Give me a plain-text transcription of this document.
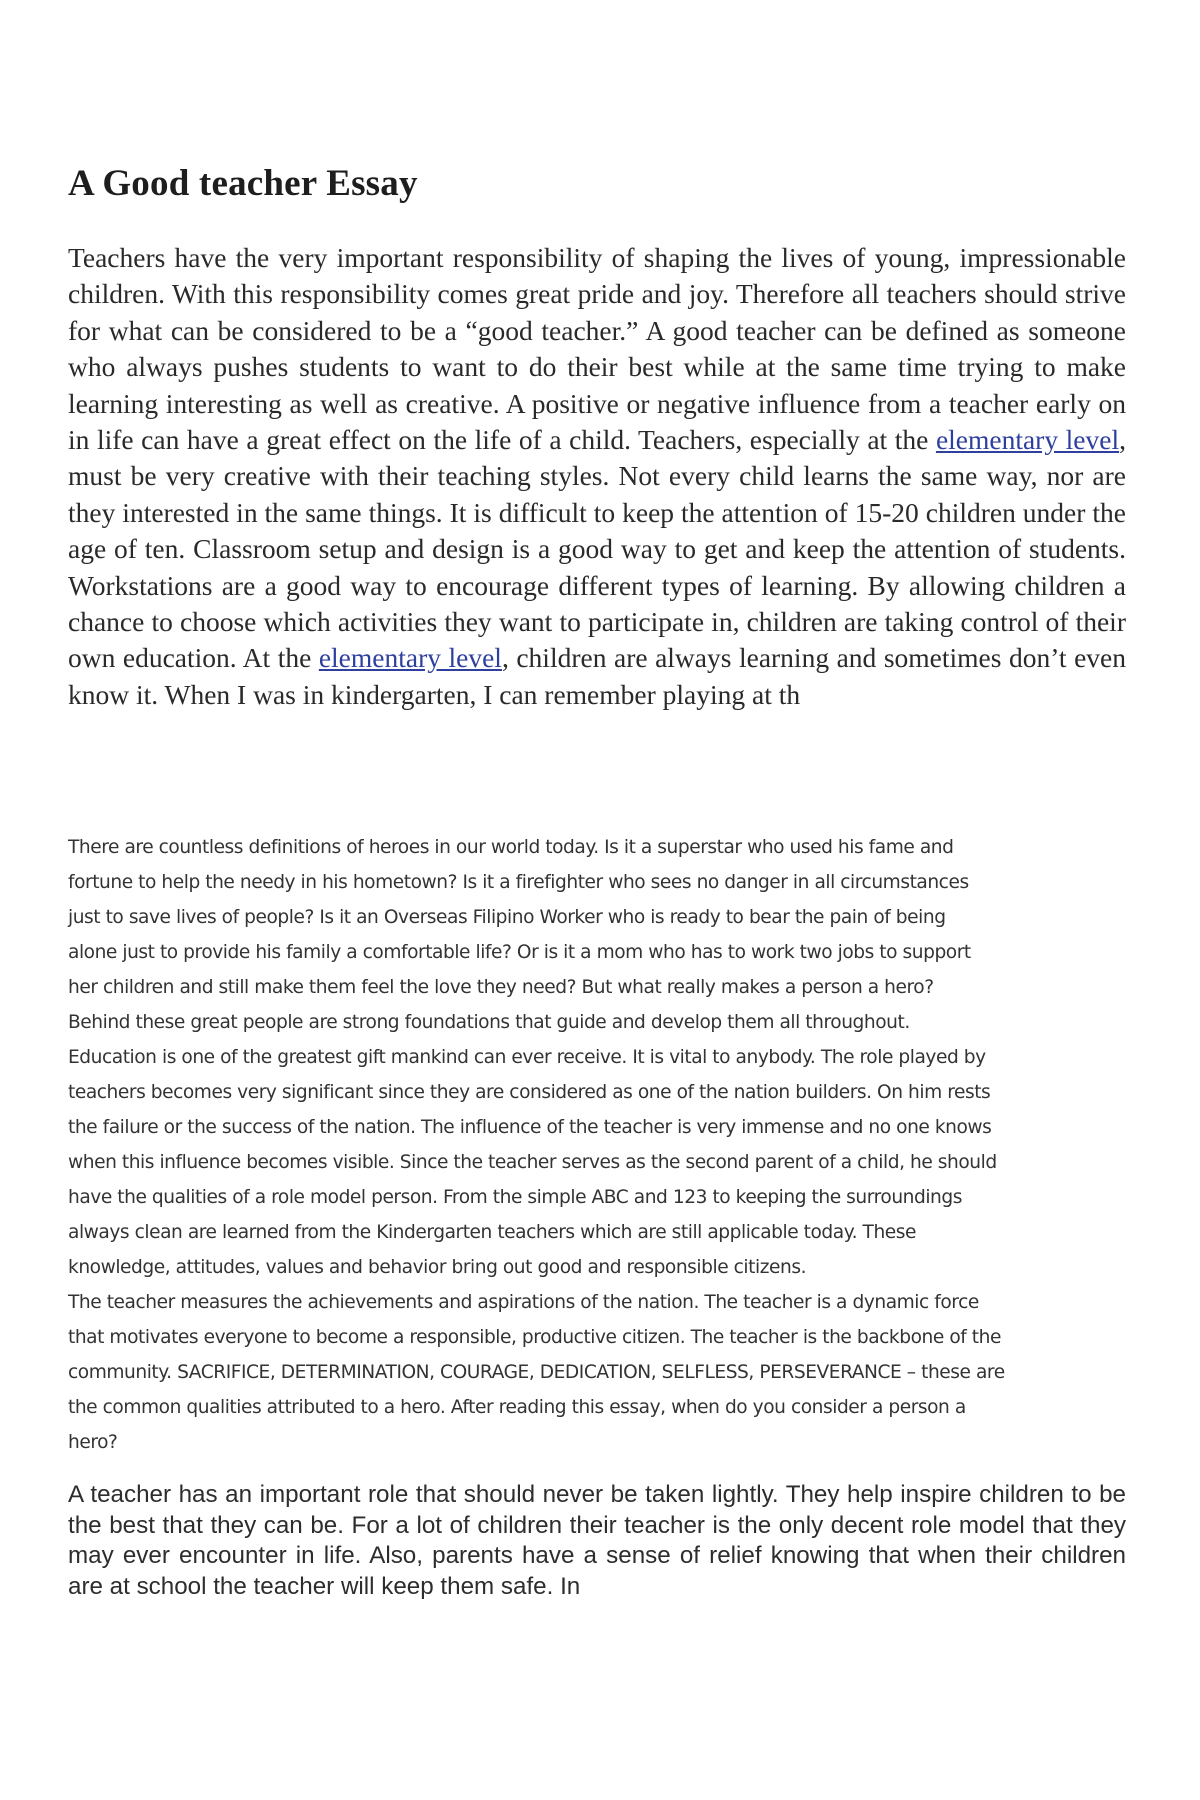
A Good teacher Essay

Teachers have the very important responsibility of shaping the lives of young, impressionable children. With this responsibility comes great pride and joy. Therefore all teachers should strive for what can be considered to be a “good teacher.” A good teacher can be defined as someone who always pushes students to want to do their best while at the same time trying to make learning interesting as well as creative. A positive or negative influence from a teacher early on in life can have a great effect on the life of a child. Teachers, especially at the elementary level, must be very creative with their teaching styles. Not every child learns the same way, nor are they interested in the same things. It is difficult to keep the attention of 15-20 children under the age of ten. Classroom setup and design is a good way to get and keep the attention of students. Workstations are a good way to encourage different types of learning. By allowing children a chance to choose which activities they want to participate in, children are taking control of their own education. At the elementary level, children are always learning and sometimes don’t even know it. When I was in kindergarten, I can remember playing at th

There are countless definitions of heroes in our world today. Is it a superstar who used his fame and
fortune to help the needy in his hometown? Is it a firefighter who sees no danger in all circumstances
just to save lives of people? Is it an Overseas Filipino Worker who is ready to bear the pain of being
alone just to provide his family a comfortable life? Or is it a mom who has to work two jobs to support
her children and still make them feel the love they need? But what really makes a person a hero?
Behind these great people are strong foundations that guide and develop them all throughout.
Education is one of the greatest gift mankind can ever receive. It is vital to anybody. The role played by
teachers becomes very significant since they are considered as one of the nation builders. On him rests
the failure or the success of the nation. The influence of the teacher is very immense and no one knows
when this influence becomes visible. Since the teacher serves as the second parent of a child, he should
have the qualities of a role model person. From the simple ABC and 123 to keeping the surroundings
always clean are learned from the Kindergarten teachers which are still applicable today. These
knowledge, attitudes, values and behavior bring out good and responsible citizens.
The teacher measures the achievements and aspirations of the nation. The teacher is a dynamic force
that motivates everyone to become a responsible, productive citizen. The teacher is the backbone of the
community. SACRIFICE, DETERMINATION, COURAGE, DEDICATION, SELFLESS, PERSEVERANCE – these are
the common qualities attributed to a hero. After reading this essay, when do you consider a person a
hero?

A teacher has an important role that should never be taken lightly. They help inspire children to be the best that they can be. For a lot of children their teacher is the only decent role model that they may ever encounter in life. Also, parents have a sense of relief knowing that when their children are at school the teacher will keep them safe. In
